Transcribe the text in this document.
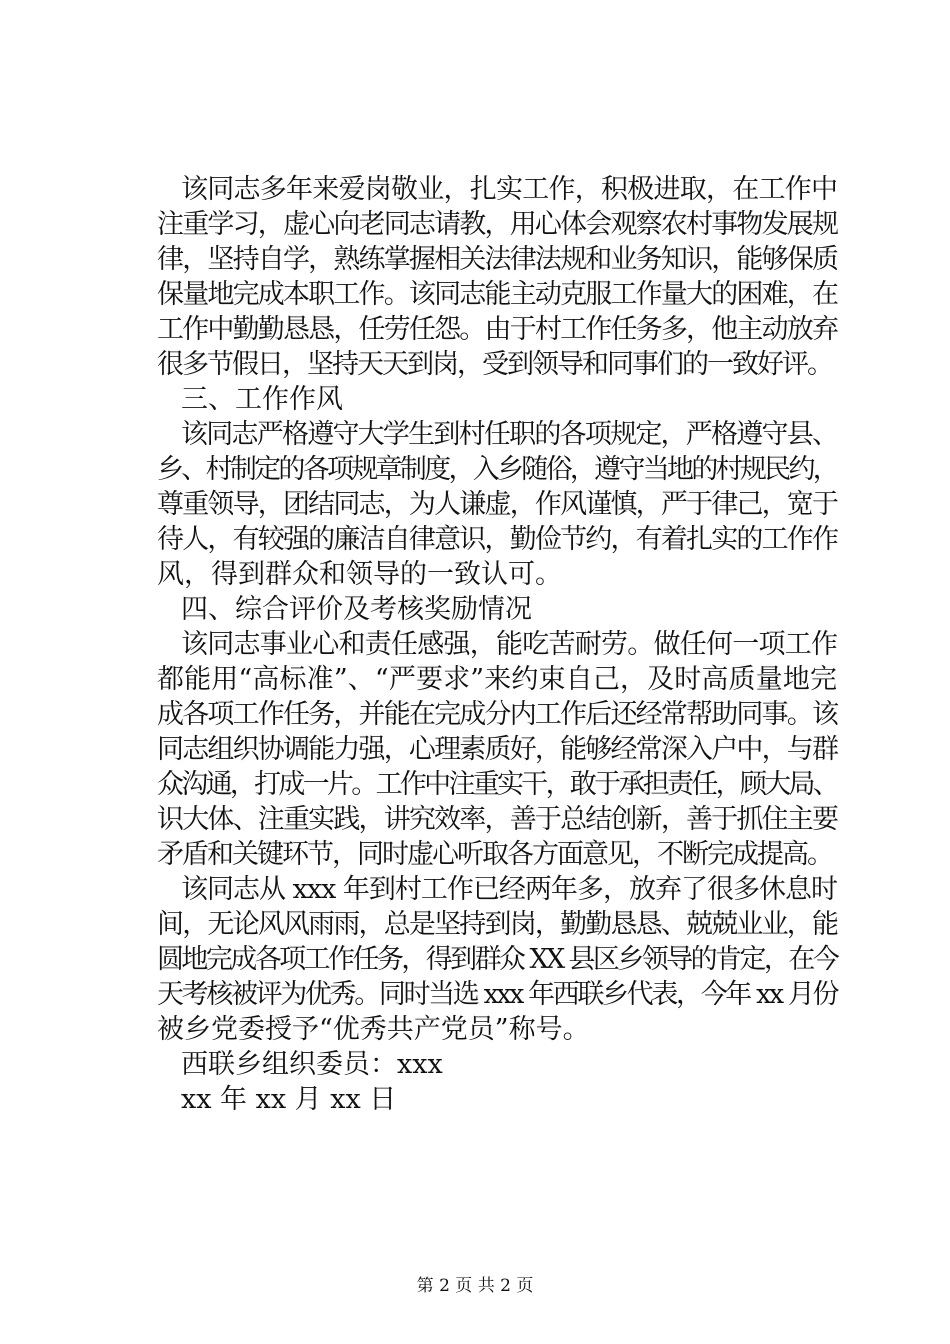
该同志多年来爱岗敬业，扎实工作，积极进取，在工作中
注重学习，虚心向老同志请教，用心体会观察农村事物发展规
律，坚持自学，熟练掌握相关法律法规和业务知识，能够保质
保量地完成本职工作。该同志能主动克服工作量大的困难，在
工作中勤勤恳恳，任劳任怨。由于村工作任务多，他主动放弃
很多节假日，坚持天天到岗，受到领导和同事们的一致好评。
三、工作作风
该同志严格遵守大学生到村任职的各项规定，严格遵守县、
乡、村制定的各项规章制度，入乡随俗，遵守当地的村规民约，
尊重领导，团结同志，为人谦虚，作风谨慎，严于律己，宽于
待人，有较强的廉洁自律意识，勤俭节约，有着扎实的工作作
风，得到群众和领导的一致认可。
四、综合评价及考核奖励情况
该同志事业心和责任感强，能吃苦耐劳。做任何一项工作
都能用“高标准”、“严要求”来约束自己，及时高质量地完
成各项工作任务，并能在完成分内工作后还经常帮助同事。该
同志组织协调能力强，心理素质好，能够经常深入户中，与群
众沟通，打成一片。工作中注重实干，敢于承担责任，顾大局、
识大体、注重实践，讲究效率，善于总结创新，善于抓住主要
矛盾和关键环节，同时虚心听取各方面意见，不断完成提高。
该同志从 xxx 年到村工作已经两年多，放弃了很多休息时
间，无论风风雨雨，总是坚持到岗，勤勤恳恳、兢兢业业，能
圆地完成各项工作任务，得到群众 XX 县区乡领导的肯定，在今
天考核被评为优秀。同时当选 xxx 年西联乡代表，今年 xx 月份
被乡党委授予“优秀共产党员”称号。
西联乡组织委员：xxx
xx 年 xx 月 xx 日
第 2 页 共 2 页
